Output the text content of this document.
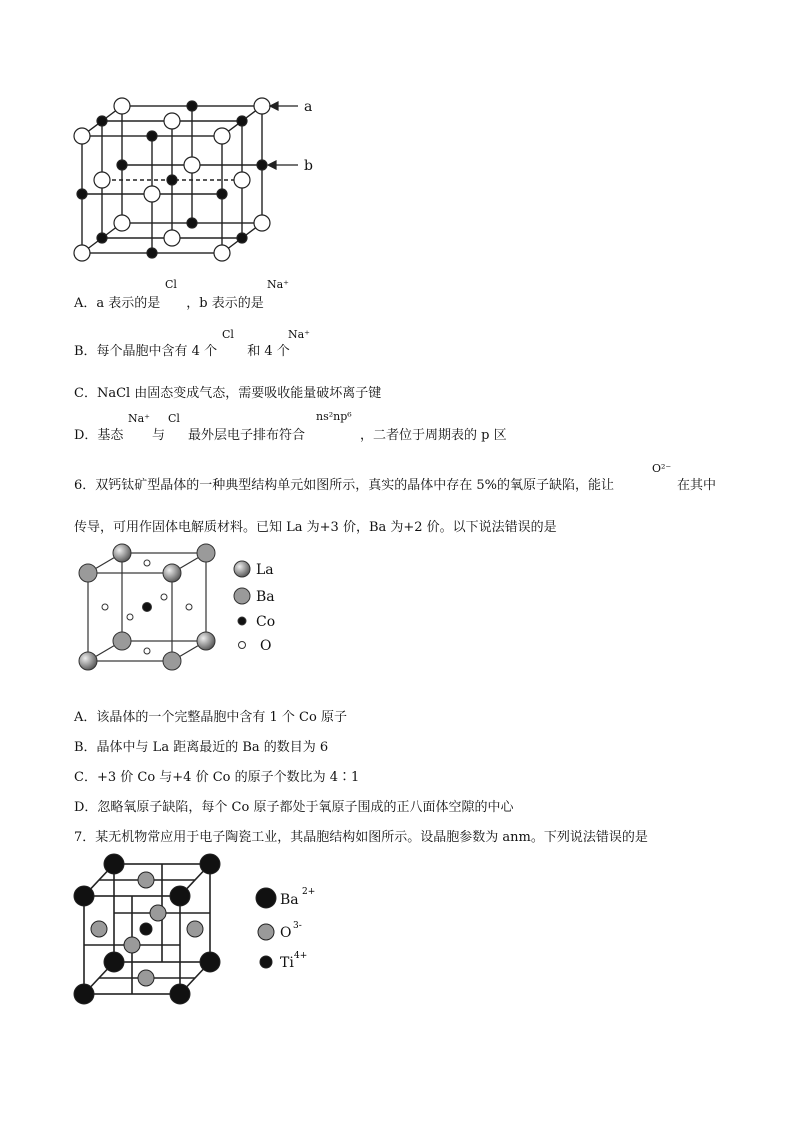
a
b
A．a 表示的是　　，b 表示的是
Cl	Na⁺
B．每个晶胞中含有 4 个　　 和 4 个
Cl	Na⁺
C．NaCl 由固态变成气态，需要吸收能量破坏离子键
D．基态
Na⁺
与
Cl
最外层电子排布符合
ns²np⁶
，二者位于周期表的 p 区
6．双钙钛矿型晶体的一种典型结构单元如图所示，真实的晶体中存在 5%的氧原子缺陷，能让
O²⁻
在其中
传导，可用作固体电解质材料。已知 La 为+3 价，Ba 为+2 价。以下说法错误的是
La
Ba
Co
O
A．该晶体的一个完整晶胞中含有 1 个 Co 原子
B．晶体中与 La 距离最近的 Ba 的数目为 6
C．+3 价 Co 与+4 价 Co 的原子个数比为 4∶1
D．忽略氧原子缺陷，每个 Co 原子都处于氧原子围成的正八面体空隙的中心
7．某无机物常应用于电子陶瓷工业，其晶胞结构如图所示。设晶胞参数为 anm。下列说法错误的是
Ba 2+
O 3-
Ti 4+
